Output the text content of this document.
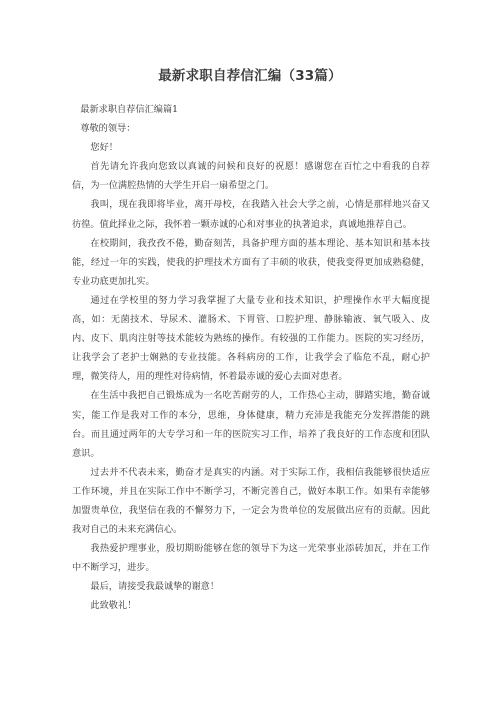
最新求职自荐信汇编（33篇）

最新求职自荐信汇编篇1

尊敬的领导：

您好！

首先请允许我向您致以真诚的问候和良好的祝愿！感谢您在百忙之中看我的自荐信，为一位满腔热情的大学生开启一扇希望之门。

我叫，现在我即将毕业，离开母校，在我踏入社会大学之前，心情是那样地兴奋又彷徨。值此择业之际，我怀着一颗赤诚的心和对事业的执著追求，真诚地推荐自己。

在校期间，我孜孜不倦，勤奋刻苦，具备护理方面的基本理论、基本知识和基本技能，经过一年的实践，使我的护理技术方面有了丰硕的收获，使我变得更加成熟稳健，专业功底更加扎实。

通过在学校里的努力学习我掌握了大量专业和技术知识，护理操作水平大幅度提高，如：无菌技术、导尿术、灌肠术、下胃管、口腔护理、静脉输液、氧气吸入、皮内、皮下、肌肉注射等技术能较为熟练的操作。有较强的工作能力。医院的实习经历，让我学会了老护士娴熟的专业技能。各科病房的工作，让我学会了临危不乱，耐心护理，微笑待人，用的理性对待病情，怀着最赤诚的爱心去面对患者。

在生活中我把自己锻炼成为一名吃苦耐劳的人，工作热心主动，脚踏实地，勤奋诚实，能工作是我对工作的本分，思维，身体健康，精力充沛是我能充分发挥潜能的跳台。而且通过两年的大专学习和一年的医院实习工作，培养了我良好的工作态度和团队意识。

过去并不代表未来，勤奋才是真实的内涵。对于实际工作，我相信我能够很快适应工作环境，并且在实际工作中不断学习，不断完善自己，做好本职工作。如果有幸能够加盟贵单位，我坚信在我的不懈努力下，一定会为贵单位的发展做出应有的贡献。因此我对自己的未来充满信心。

我热爱护理事业，殷切期盼能够在您的领导下为这一光荣事业添砖加瓦，并在工作中不断学习，进步。

最后，请接受我最诚挚的谢意！

此致敬礼！
